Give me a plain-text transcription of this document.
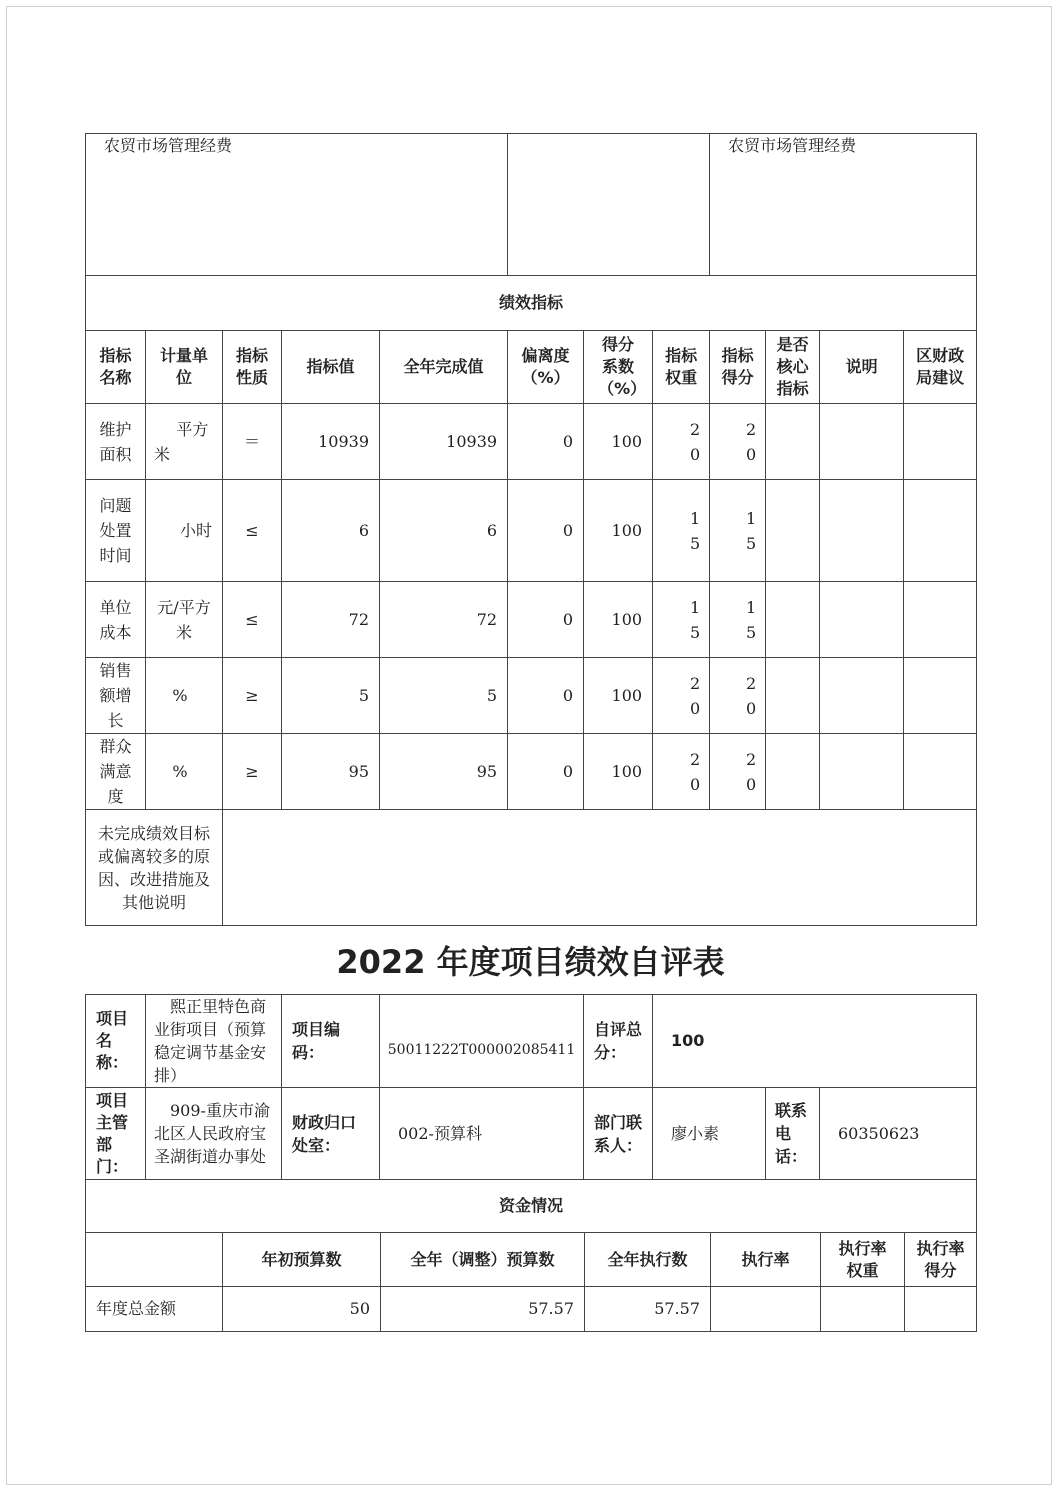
农贸市场管理经费								农贸市场管理经费			
绩效指标											
指标名称	计量单位	指标性质	指标值	全年完成值	偏离度（%）	得分系数（%）	指标权重	指标得分	是否核心指标	说明	区财政局建议
维护面积	平方米	＝	10939	10939	0	100	20	20			
问题处置时间	小时	≤	6	6	0	100	15	15			
单位成本	元/平方米	≤	72	72	0	100	15	15			
销售额增长	%	≥	5	5	0	100	20	20			
群众满意度	%	≥	95	95	0	100	20	20			
未完成绩效目标或偏离较多的原因、改进措施及其他说明											
2022 年度项目绩效自评表
项目名称：	熙正里特色商业街项目（预算稳定调节基金安排）	项目编码：	50011222T000002085411	自评总分：	100		
项目主管部门：	909-重庆市渝北区人民政府宝圣湖街道办事处	财政归口处室：	002-预算科	部门联系人：	廖小素	联系电话：	60350623
资金情况							
	年初预算数	全年（调整）预算数	全年执行数	执行率	执行率权重	执行率得分
年度总金额	50	57.57	57.57			
